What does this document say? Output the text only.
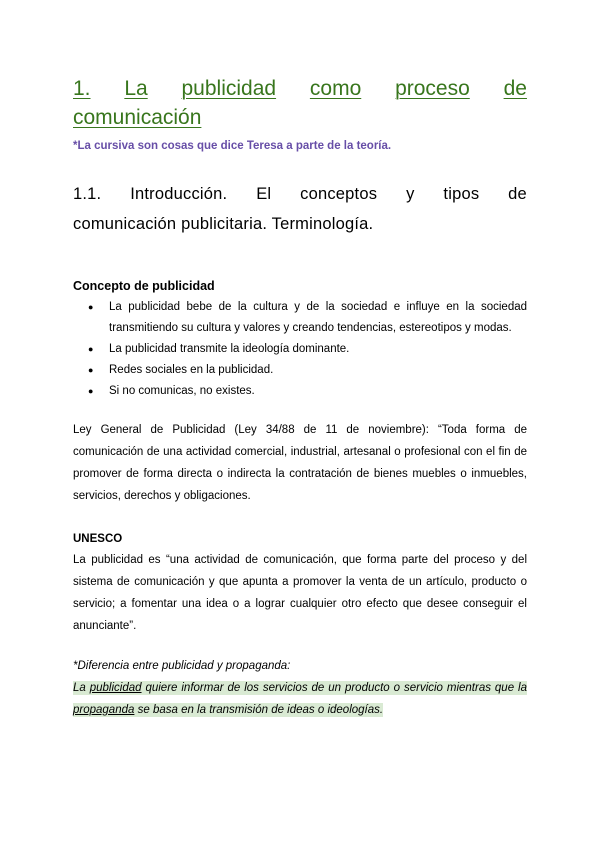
1. La publicidad como proceso de
comunicación

*La cursiva son cosas que dice Teresa a parte de la teoría.

1.1. Introducción. El conceptos y tipos de
comunicación publicitaria. Terminología.
Concepto de publicidad
● La publicidad bebe de la cultura y de la sociedad e influye en la sociedad transmitiendo su cultura y valores y creando tendencias, estereotipos y modas.
● La publicidad transmite la ideología dominante.
● Redes sociales en la publicidad.
● Si no comunicas, no existes.

Ley General de Publicidad (Ley 34/88 de 11 de noviembre): “Toda forma de comunicación de una actividad comercial, industrial, artesanal o profesional con el fin de promover de forma directa o indirecta la contratación de bienes muebles o inmuebles, servicios, derechos y obligaciones.

UNESCO

La publicidad es “una actividad de comunicación, que forma parte del proceso y del sistema de comunicación y que apunta a promover la venta de un artículo, producto o servicio; a fomentar una idea o a lograr cualquier otro efecto que desee conseguir el anunciante”.

*Diferencia entre publicidad y propaganda:

La publicidad quiere informar de los servicios de un producto o servicio mientras que la propaganda se basa en la transmisión de ideas o ideologías.
